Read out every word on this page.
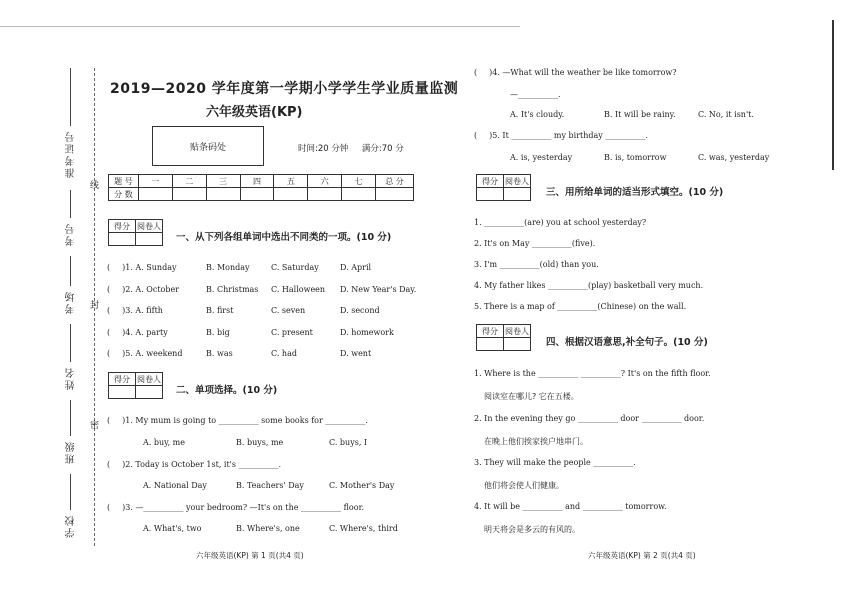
线
封
密
准考证号
考号
考场
姓名
班级
学校
2019—2020 学年度第一学期小学学生学业质量监测
六年级英语(KP)
贴条码处	时间:20 分钟     满分:70 分
题 号	一	二	三	四	五	六	七	总 分
分 数								
得分	阅卷人

一、从下列各组单词中选出不同类的一项。(10 分)
( )1. A. Sunday	B. Monday	C. Saturday	D. April
( )2. A. October	B. Christmas C. Halloween D. New Year's Day.
( )3. A. fifth	B. first	C. seven	D. second
( )4. A. party	B. big	C. present	D. homework
( )5. A. weekend	B. was	C. had	D. went
得分	阅卷人

二、单项选择。(10 分)
( )1. My mum is going to __________ some books for __________.
A. buy, me	B. buys, me	C. buys, I
( )2. Today is October 1st, it's __________.
A. National Day	B. Teachers' Day	C. Mother's Day
( )3. —__________ your bedroom? —It's on the __________ floor.
A. What's, two	B. Where's, one	C. Where's, third
六年级英语(KP) 第 1 页(共4 页)
( )4. —What will the weather be like tomorrow?
—__________.
A. It's cloudy.	B. It will be rainy.	C. No, it isn't.
( )5. It __________ my birthday __________.
A. is, yesterday	B. is, tomorrow	C. was, yesterday
得分	阅卷人

三、用所给单词的适当形式填空。(10 分)
1. __________(are) you at school yesterday?
2. It's on May __________(five).
3. I'm __________(old) than you.
4. My father likes __________(play) basketball very much.
5. There is a map of __________(Chinese) on the wall.
得分	阅卷人

四、根据汉语意思,补全句子。(10 分)
1. Where is the __________ __________? It's on the fifth floor.
阅读室在哪儿? 它在五楼。
2. In the evening they go __________ door __________ door.
在晚上他们挨家挨户地串门。
3. They will make the people __________.
他们将会使人们健康。
4. It will be __________ and __________ tomorrow.
明天将会是多云的有风的。
六年级英语(KP) 第 2 页(共4 页)
